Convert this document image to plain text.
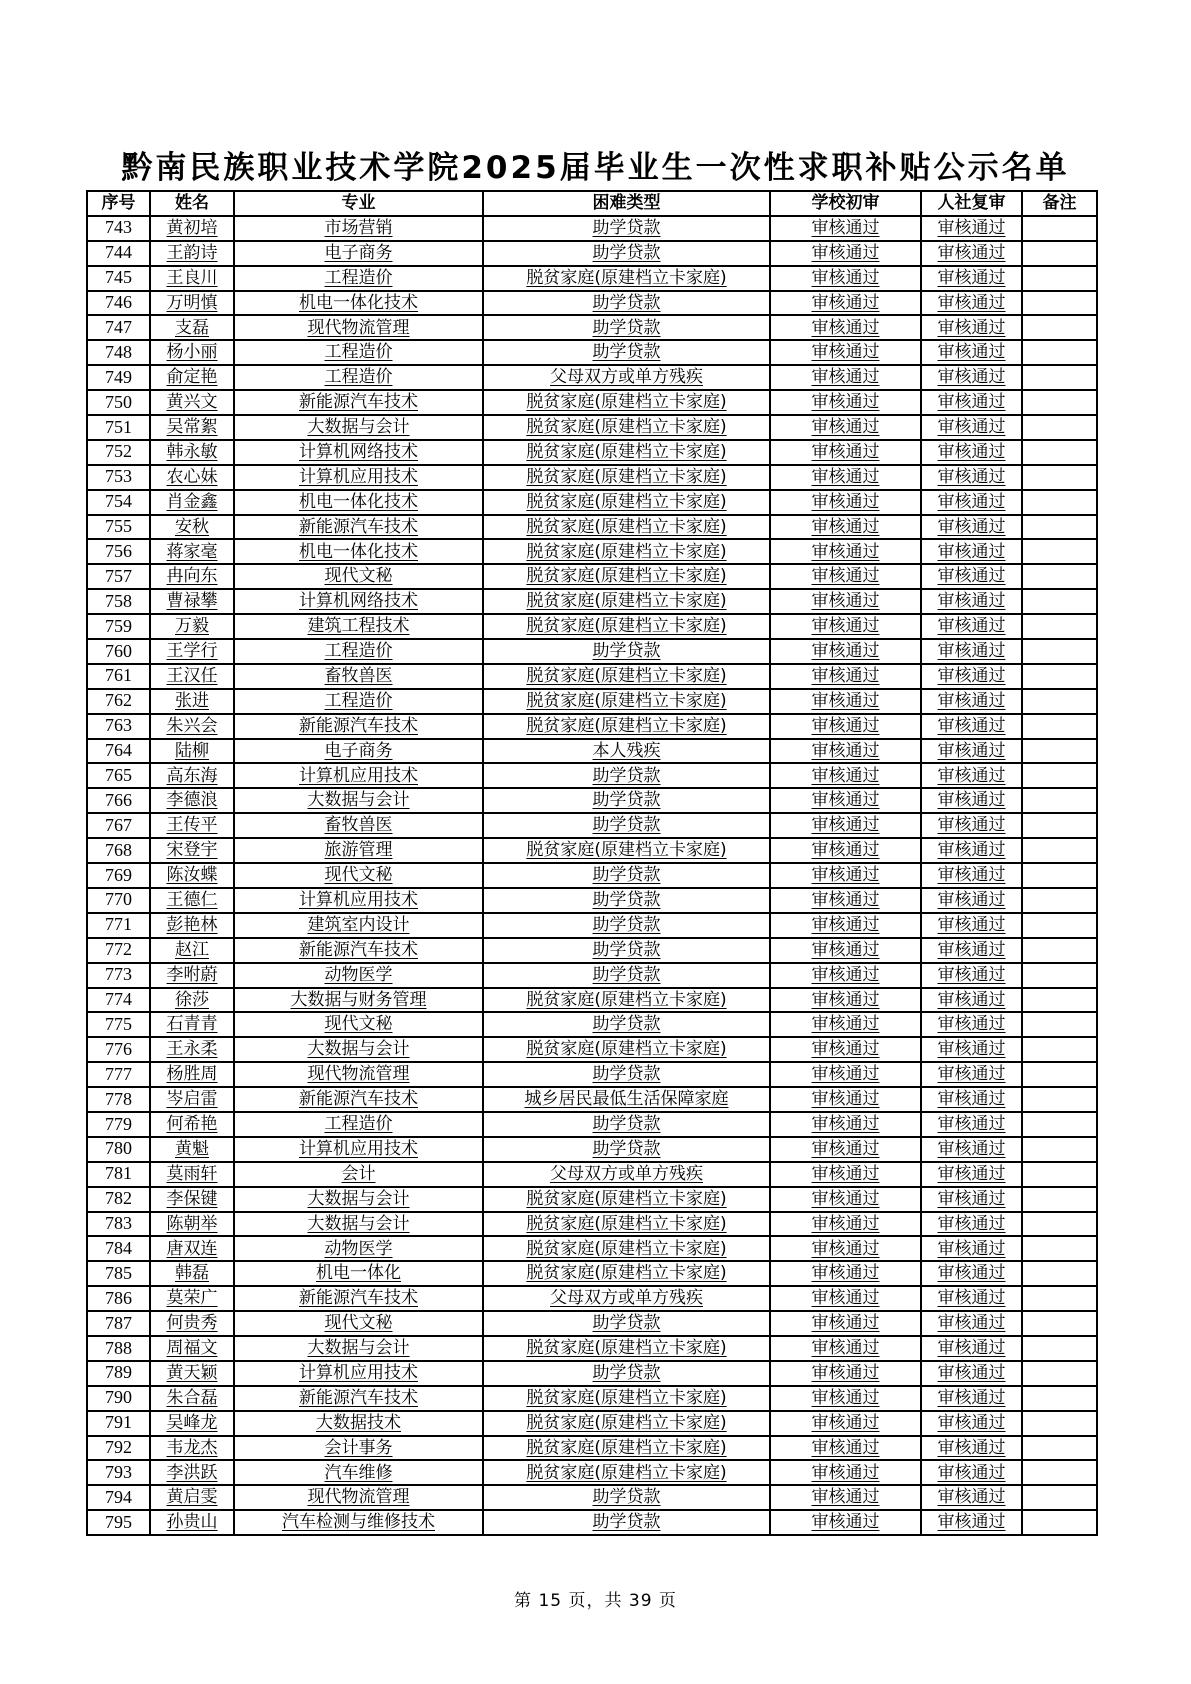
黔南民族职业技术学院2025届毕业生一次性求职补贴公示名单
序号	姓名	专业	困难类型	学校初审	人社复审	备注
743	黄初培	市场营销	助学贷款	审核通过	审核通过	
744	王韵诗	电子商务	助学贷款	审核通过	审核通过	
745	王良川	工程造价	脱贫家庭(原建档立卡家庭)	审核通过	审核通过	
746	万明慎	机电一体化技术	助学贷款	审核通过	审核通过	
747	支磊	现代物流管理	助学贷款	审核通过	审核通过	
748	杨小丽	工程造价	助学贷款	审核通过	审核通过	
749	俞定艳	工程造价	父母双方或单方残疾	审核通过	审核通过	
750	黄兴文	新能源汽车技术	脱贫家庭(原建档立卡家庭)	审核通过	审核通过	
751	吴常絮	大数据与会计	脱贫家庭(原建档立卡家庭)	审核通过	审核通过	
752	韩永敏	计算机网络技术	脱贫家庭(原建档立卡家庭)	审核通过	审核通过	
753	农心妹	计算机应用技术	脱贫家庭(原建档立卡家庭)	审核通过	审核通过	
754	肖金鑫	机电一体化技术	脱贫家庭(原建档立卡家庭)	审核通过	审核通过	
755	安秋	新能源汽车技术	脱贫家庭(原建档立卡家庭)	审核通过	审核通过	
756	蒋家毫	机电一体化技术	脱贫家庭(原建档立卡家庭)	审核通过	审核通过	
757	冉向东	现代文秘	脱贫家庭(原建档立卡家庭)	审核通过	审核通过	
758	曹禄攀	计算机网络技术	脱贫家庭(原建档立卡家庭)	审核通过	审核通过	
759	万毅	建筑工程技术	脱贫家庭(原建档立卡家庭)	审核通过	审核通过	
760	王学行	工程造价	助学贷款	审核通过	审核通过	
761	王汉任	畜牧兽医	脱贫家庭(原建档立卡家庭)	审核通过	审核通过	
762	张进	工程造价	脱贫家庭(原建档立卡家庭)	审核通过	审核通过	
763	朱兴会	新能源汽车技术	脱贫家庭(原建档立卡家庭)	审核通过	审核通过	
764	陆柳	电子商务	本人残疾	审核通过	审核通过	
765	高东海	计算机应用技术	助学贷款	审核通过	审核通过	
766	李德浪	大数据与会计	助学贷款	审核通过	审核通过	
767	王传平	畜牧兽医	助学贷款	审核通过	审核通过	
768	宋登宇	旅游管理	脱贫家庭(原建档立卡家庭)	审核通过	审核通过	
769	陈汝蝶	现代文秘	助学贷款	审核通过	审核通过	
770	王德仁	计算机应用技术	助学贷款	审核通过	审核通过	
771	彭艳林	建筑室内设计	助学贷款	审核通过	审核通过	
772	赵江	新能源汽车技术	助学贷款	审核通过	审核通过	
773	李咐蔚	动物医学	助学贷款	审核通过	审核通过	
774	徐莎	大数据与财务管理	脱贫家庭(原建档立卡家庭)	审核通过	审核通过	
775	石青青	现代文秘	助学贷款	审核通过	审核通过	
776	王永柔	大数据与会计	脱贫家庭(原建档立卡家庭)	审核通过	审核通过	
777	杨胜周	现代物流管理	助学贷款	审核通过	审核通过	
778	岑启雷	新能源汽车技术	城乡居民最低生活保障家庭	审核通过	审核通过	
779	何希艳	工程造价	助学贷款	审核通过	审核通过	
780	黄魁	计算机应用技术	助学贷款	审核通过	审核通过	
781	莫雨轩	会计	父母双方或单方残疾	审核通过	审核通过	
782	李保键	大数据与会计	脱贫家庭(原建档立卡家庭)	审核通过	审核通过	
783	陈朝举	大数据与会计	脱贫家庭(原建档立卡家庭)	审核通过	审核通过	
784	唐双连	动物医学	脱贫家庭(原建档立卡家庭)	审核通过	审核通过	
785	韩磊	机电一体化	脱贫家庭(原建档立卡家庭)	审核通过	审核通过	
786	莫荣广	新能源汽车技术	父母双方或单方残疾	审核通过	审核通过	
787	何贵秀	现代文秘	助学贷款	审核通过	审核通过	
788	周福文	大数据与会计	脱贫家庭(原建档立卡家庭)	审核通过	审核通过	
789	黄天颖	计算机应用技术	助学贷款	审核通过	审核通过	
790	朱合磊	新能源汽车技术	脱贫家庭(原建档立卡家庭)	审核通过	审核通过	
791	吴峰龙	大数据技术	脱贫家庭(原建档立卡家庭)	审核通过	审核通过	
792	韦龙杰	会计事务	脱贫家庭(原建档立卡家庭)	审核通过	审核通过	
793	李洪跃	汽车维修	脱贫家庭(原建档立卡家庭)	审核通过	审核通过	
794	黄启雯	现代物流管理	助学贷款	审核通过	审核通过	
795	孙贵山	汽车检测与维修技术	助学贷款	审核通过	审核通过	
第 15 页，共 39 页
